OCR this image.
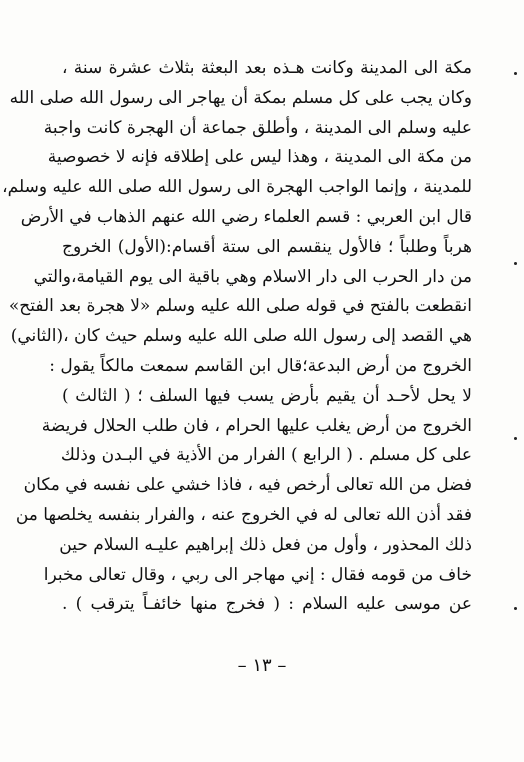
مكة الى المدينة وكانت هـذه بعد البعثة بثلاث عشرة سنة ،
وكان يجب على كل مسلم بمكة أن يهاجر الى رسول الله صلى الله
عليه وسلم الى المدينة ، وأطلق جماعة أن الهجرة كانت واجبة
من مكة الى المدينة ، وهذا ليس على إطلاقه فإنه لا خصوصية
للمدينة ، وإنما الواجب الهجرة الى رسول الله صلى الله عليه وسلم،
قال ابن العربي : قسم العلماء رضي الله عنهم الذهاب في الأرض
هرباً وطلباً ؛ فالأول ينقسم الى ستة أقسام:(الأول) الخروج
من دار الحرب الى دار الاسلام وهي باقية الى يوم القيامة،والتي
انقطعت بالفتح في قوله صلى الله عليه وسلم «لا هجرة بعد الفتح»
هي القصد إلى رسول الله صلى الله عليه وسلم حيث كان ،(الثاني)
الخروج من أرض البدعة؛قال ابن القاسم سمعت مالكاً يقول :
لا يحل لأحـد أن يقيم بأرض يسب فيها السلف ؛ ( الثالث )
الخروج من أرض يغلب عليها الحرام ، فان طلب الحلال فريضة
على كل مسلم . ( الرابع ) الفرار من الأذية في البـدن وذلك
فضل من الله تعالى أرخص فيه ، فاذا خشي على نفسه في مكان
فقد أذن الله تعالى له في الخروج عنه ، والفرار بنفسه يخلصها من
ذلك المحذور ، وأول من فعل ذلك إبراهيم عليـه السلام حين
خاف من قومه فقال : إني مهاجر الى ربي ، وقال تعالى مخبرا
عن موسى عليه السلام : ( فخرج منها خائفـاً يترقب ) .
– ١٣ –
